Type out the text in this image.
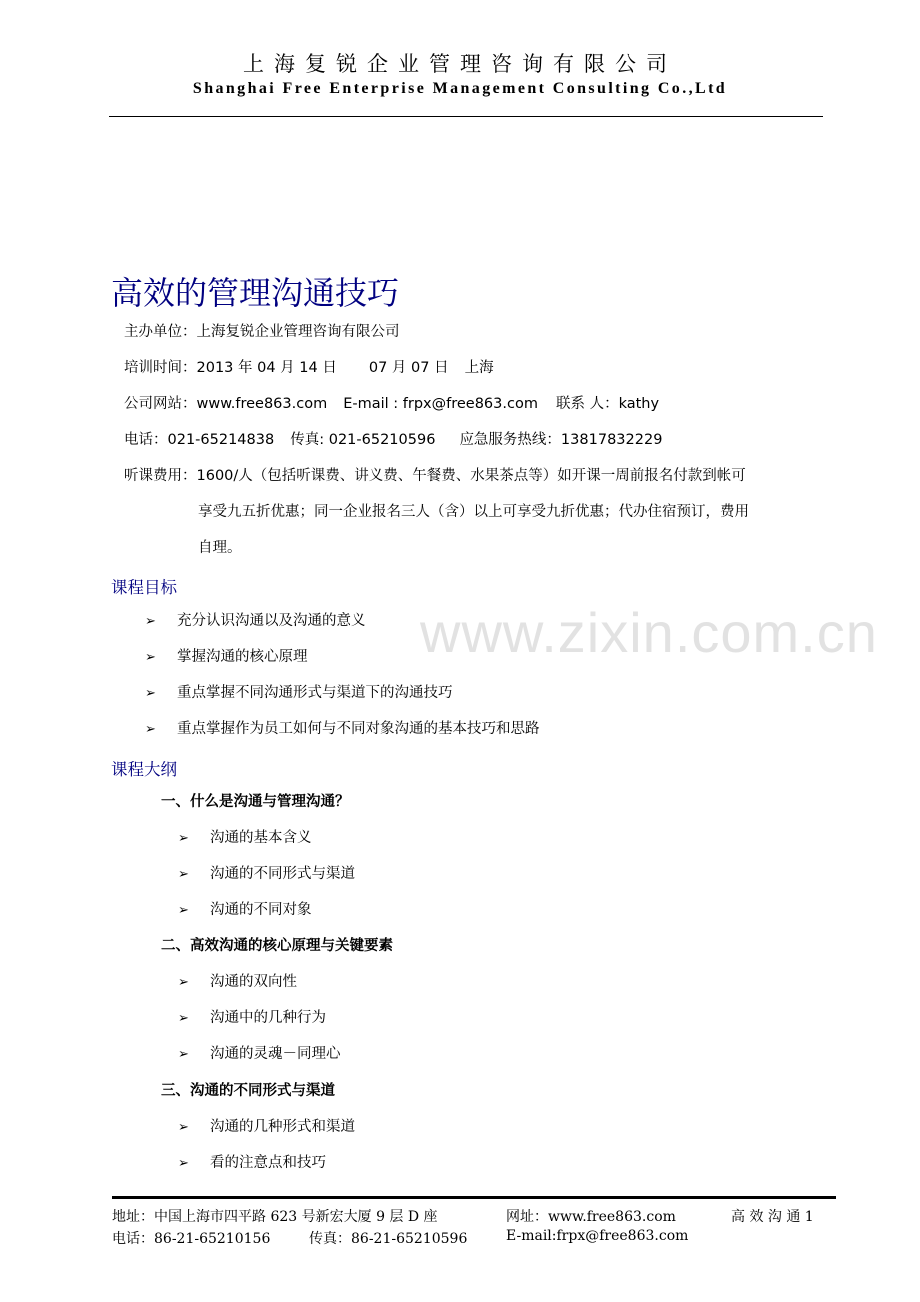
上海复锐企业管理咨询有限公司
Shanghai Free Enterprise Management Consulting Co.,Ltd
高效的管理沟通技巧
主办单位：上海复锐企业管理咨询有限公司
培训时间：2013 年 04 月 14 日 07 月 07 日 上海
公司网站：www.free863.com E-mail : frpx@free863.com 联系 人：kathy
电话：021-65214838 传真: 021-65210596 应急服务热线：13817832229
听课费用：1600/人（包括听课费、讲义费、午餐费、水果茶点等）如开课一周前报名付款到帐可
享受九五折优惠；同一企业报名三人（含）以上可享受九折优惠；代办住宿预订，费用
自理。
课程目标
➢ 充分认识沟通以及沟通的意义
➢ 掌握沟通的核心原理
➢ 重点掌握不同沟通形式与渠道下的沟通技巧
➢ 重点掌握作为员工如何与不同对象沟通的基本技巧和思路
www.zixin.com.cn
课程大纲
一、什么是沟通与管理沟通？
➢ 沟通的基本含义
➢ 沟通的不同形式与渠道
➢ 沟通的不同对象
二、高效沟通的核心原理与关键要素
➢ 沟通的双向性
➢ 沟通中的几种行为
➢ 沟通的灵魂－同理心
三、沟通的不同形式与渠道
➢ 沟通的几种形式和渠道
➢ 看的注意点和技巧
地址：中国上海市四平路 623 号新宏大厦 9 层 D 座	网址：www.free863.com	高 效 沟 通 1
电话：86-21-65210156	传真：86-21-65210596	E-mail:frpx@free863.com
